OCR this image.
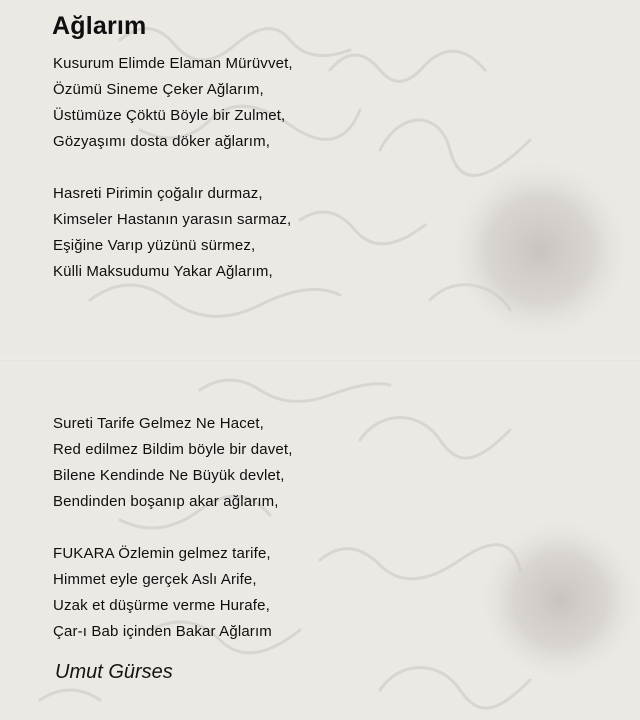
Ağlarım
Kusurum Elimde Elaman Mürüvvet,
Özümü Sineme Çeker Ağlarım,
Üstümüze Çöktü Böyle bir Zulmet,
Gözyaşımı dosta döker ağlarım,
Hasreti Pirimin çoğalır durmaz,
Kimseler Hastanın yarasın sarmaz,
Eşiğine Varıp yüzünü sürmez,
Külli Maksudumu Yakar Ağlarım,
Sureti Tarife Gelmez Ne Hacet,
Red edilmez Bildim böyle bir davet,
Bilene Kendinde Ne Büyük devlet,
Bendinden boşanıp akar ağlarım,
FUKARA Özlemin gelmez tarife,
Himmet eyle gerçek Aslı Arife,
Uzak et düşürme verme Hurafe,
Çar-ı Bab içinden Bakar Ağlarım

Umut Gürses
